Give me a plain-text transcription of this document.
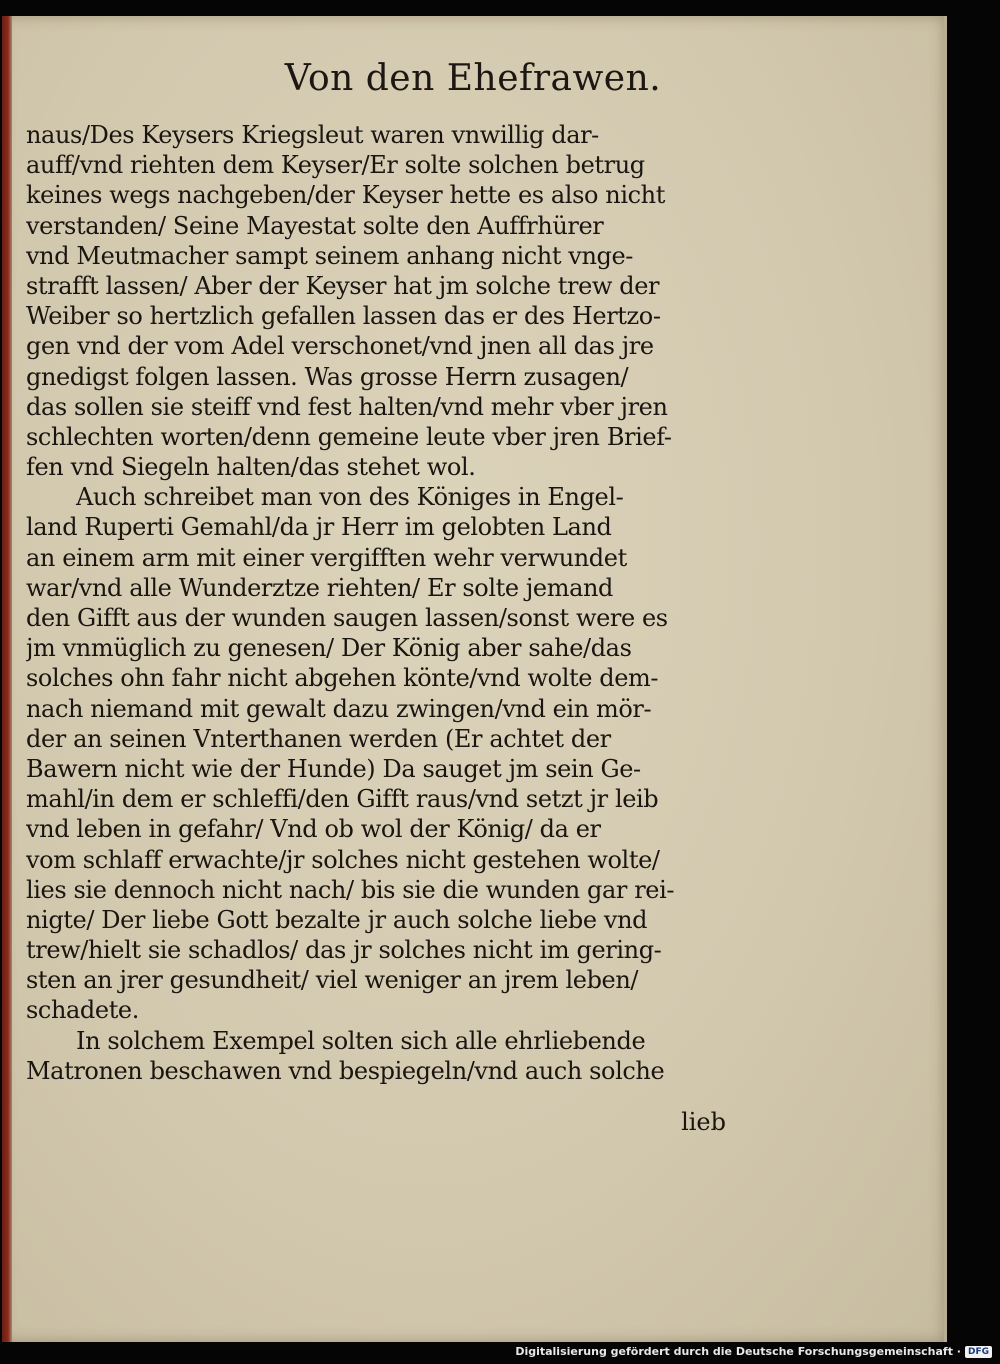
Von den Ehefrawen.
naus/Des Keysers Kriegsleut waren vnwillig dar-
auff/vnd riehten dem Keyser/Er solte solchen betrug
keines wegs nachgeben/der Keyser hette es also nicht
verstanden/ Seine Mayestat solte den Auffrhürer
vnd Meutmacher sampt seinem anhang nicht vnge-
strafft lassen/ Aber der Keyser hat jm solche trew der
Weiber so hertzlich gefallen lassen das er des Hertzo-
gen vnd der vom Adel verschonet/vnd jnen all das jre
gnedigst folgen lassen. Was grosse Herrn zusagen/
das sollen sie steiff vnd fest halten/vnd mehr vber jren
schlechten worten/denn gemeine leute vber jren Brief-
fen vnd Siegeln halten/das stehet wol.
Auch schreibet man von des Königes in Engel-
land Ruperti Gemahl/da jr Herr im gelobten Land
an einem arm mit einer vergifften wehr verwundet
war/vnd alle Wunderztze riehten/ Er solte jemand
den Gifft aus der wunden saugen lassen/sonst were es
jm vnmüglich zu genesen/ Der König aber sahe/das
solches ohn fahr nicht abgehen könte/vnd wolte dem-
nach niemand mit gewalt dazu zwingen/vnd ein mör-
der an seinen Vnterthanen werden (Er achtet der
Bawern nicht wie der Hunde) Da sauget jm sein Ge-
mahl/in dem er schleffi/den Gifft raus/vnd setzt jr leib
vnd leben in gefahr/ Vnd ob wol der König/ da er
vom schlaff erwachte/jr solches nicht gestehen wolte/
lies sie dennoch nicht nach/ bis sie die wunden gar rei-
nigte/ Der liebe Gott bezalte jr auch solche liebe vnd
trew/hielt sie schadlos/ das jr solches nicht im gering-
sten an jrer gesundheit/ viel weniger an jrem leben/
schadete.
In solchem Exempel solten sich alle ehrliebende
Matronen beschawen vnd bespiegeln/vnd auch solche
lieb
Digitalisierung gefördert durch die Deutsche Forschungsgemeinschaft · DFG
